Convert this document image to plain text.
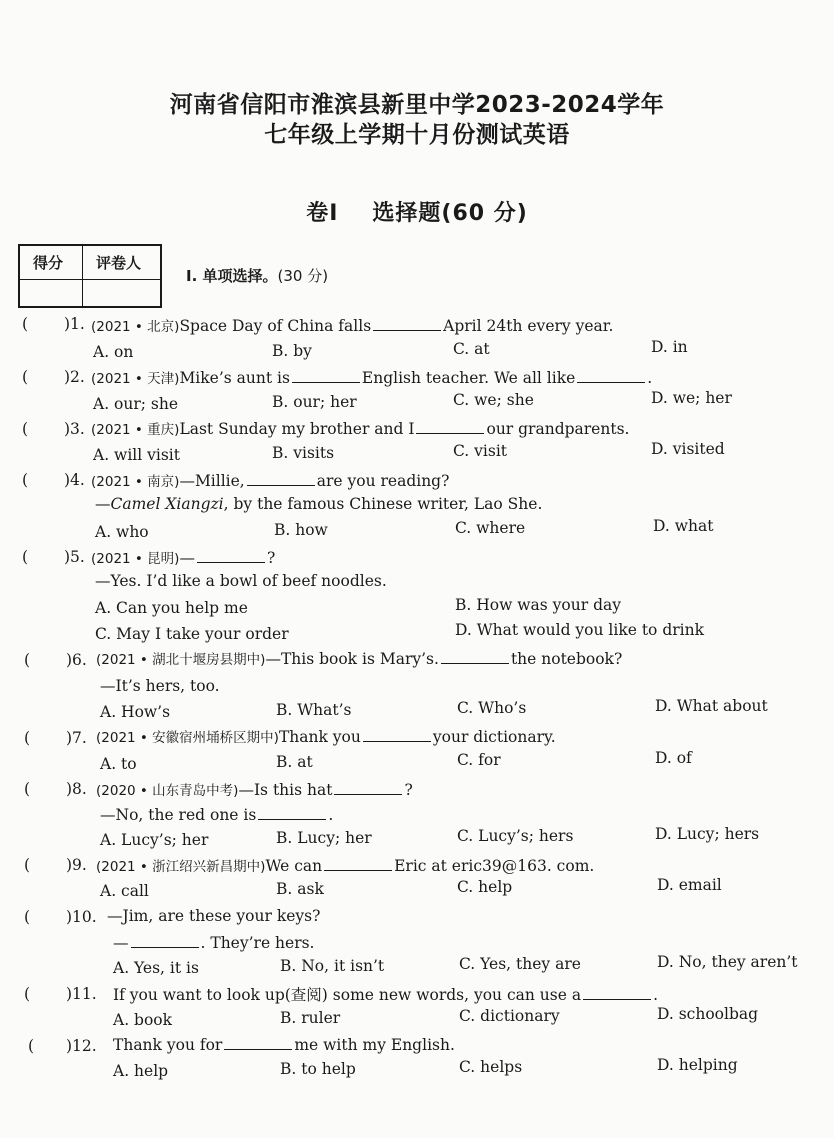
河南省信阳市淮滨县新里中学2023-2024学年
七年级上学期十月份测试英语
卷Ⅰ 选择题(60 分)
得分 评卷人
Ⅰ. 单项选择。(30 分)
( )1. (2021 • 北京)Space Day of China falls	April 24th every year.
A. on	B. by	C. at	D. in
( )2. (2021 • 天津)Mike’s aunt is	English teacher. We all like	.
A. our; she	B. our; her	C. we; she	D. we; her
( )3. (2021 • 重庆)Last Sunday my brother and I	our grandparents.
A. will visit	B. visits	C. visit	D. visited
( )4. (2021 • 南京)—Millie,	are you reading?
—Camel Xiangzi, by the famous Chinese writer, Lao She.
A. who	B. how	C. where	D. what
( )5. (2021 • 昆明)—	?
—Yes. I’d like a bowl of beef noodles.
A. Can you help me	B. How was your day
C. May I take your order	D. What would you like to drink
( )6. (2021 • 湖北十堰房县期中)—This book is Mary’s.	the notebook?
—It’s hers, too.
A. How’s	B. What’s	C. Who’s	D. What about
( )7. (2021 • 安徽宿州埇桥区期中)Thank you	your dictionary.
A. to	B. at	C. for	D. of
( )8. (2020 • 山东青岛中考)—Is this hat	?
—No, the red one is	.
A. Lucy’s; her	B. Lucy; her	C. Lucy’s; hers	D. Lucy; hers
( )9. (2021 • 浙江绍兴新昌期中)We can	Eric at eric39@163. com.
A. call	B. ask	C. help	D. email
( )10. —Jim, are these your keys?
—	. They’re hers.
A. Yes, it is	B. No, it isn’t	C. Yes, they are	D. No, they aren’t
( )11. If you want to look up(查阅) some new words, you can use a	.
A. book	B. ruler	C. dictionary	D. schoolbag
( )12. Thank you for	me with my English.
A. help	B. to help	C. helps	D. helping
